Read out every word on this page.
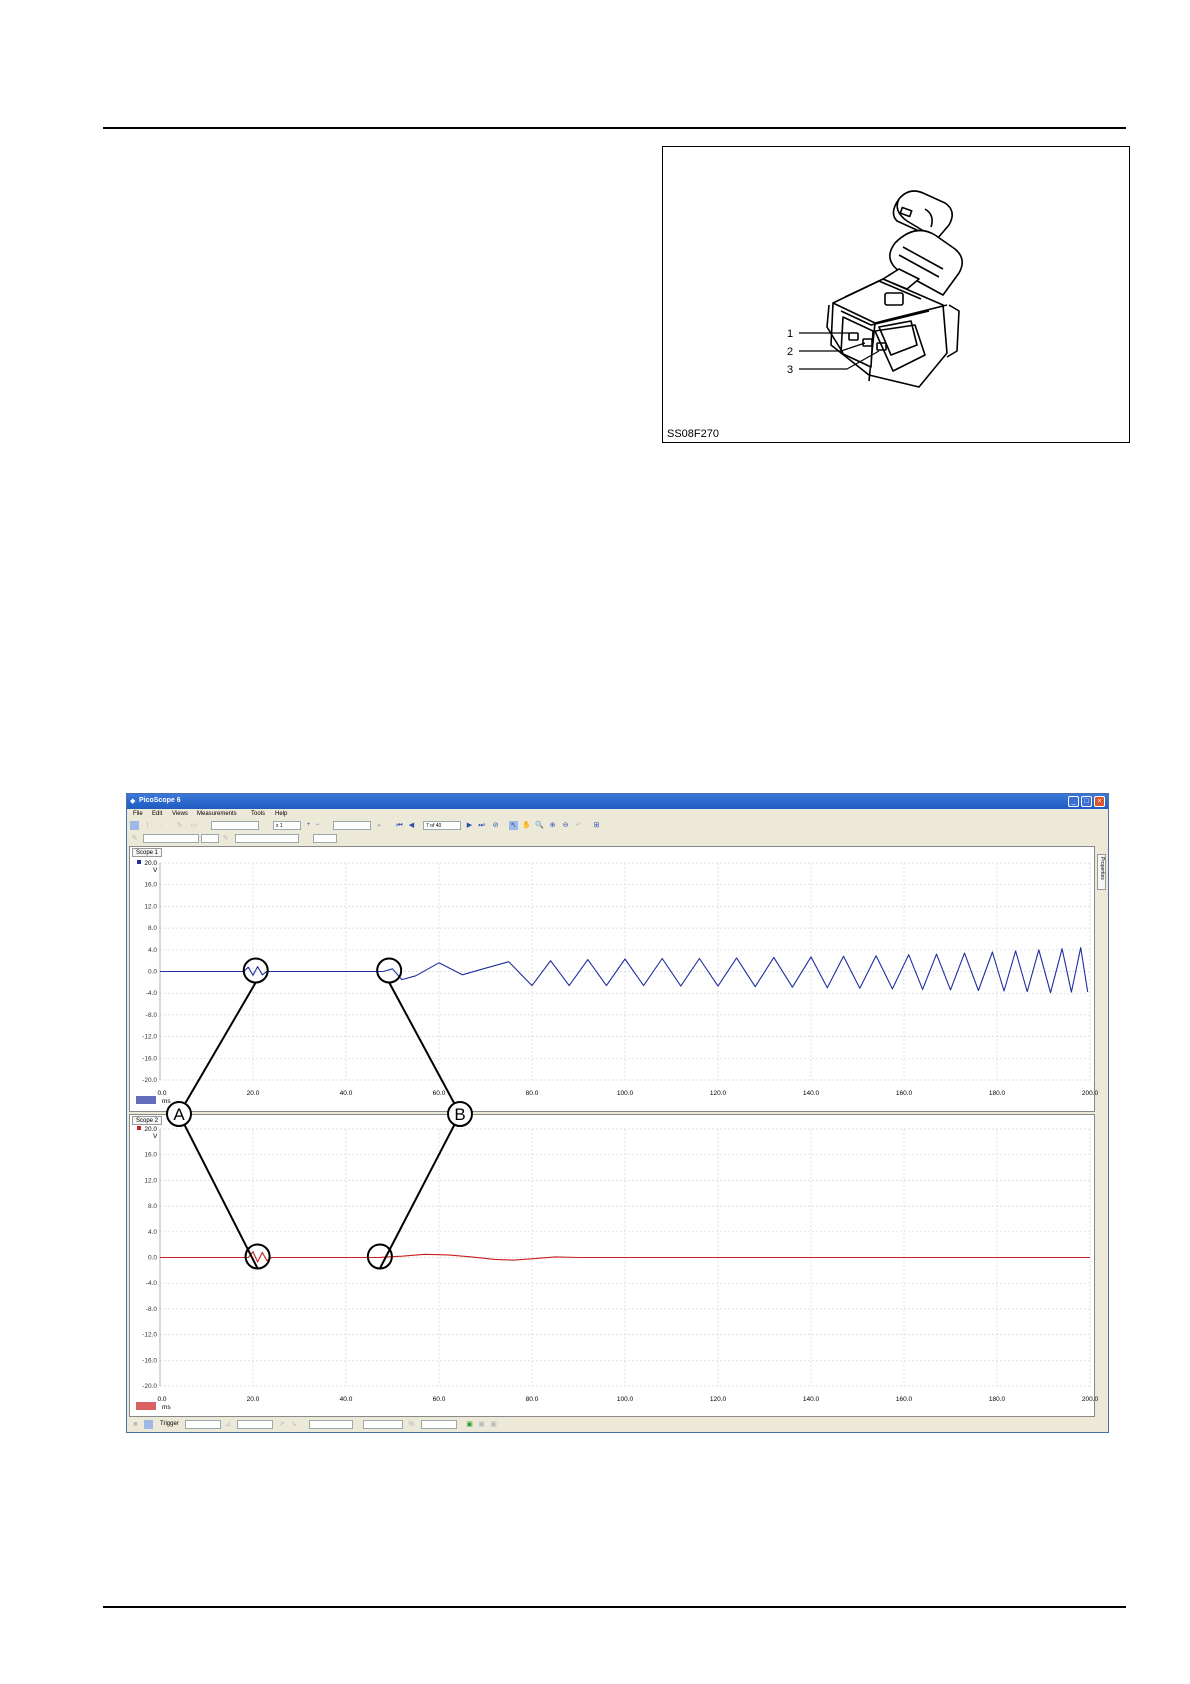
1
2
3
SS08F270
◆ PicoScope 6	_	□	×
File Edit Views Measurements Tools Help
⌇	⫶	✎ ▭	x 1	+ −	▸	⏮ ◀	7 of 40	▶ ⏭ ⊘ ↖ ✋ 🔍 ⊕ ⊖ ↶ ⊞
✎	✎
Scope 1
0.0	20.0	40.0	60.0	80.0	100.0	120.0	140.0	160.0	180.0	200.0
20.0
16.0
12.0
8.0
4.0
0.0
-4.0
-8.0
-12.0
-16.0
-20.0
V
ms
Scope 2
0.0	20.0	40.0	60.0	80.0	100.0	120.0	140.0	160.0	180.0	200.0
20.0
16.0
12.0
8.0
4.0
0.0
-4.0
-8.0
-12.0
-16.0
-20.0
V
ms
Properties
■	Trigger	⊿	↗ ↘	%	▣ ▣ ▣
A	B
